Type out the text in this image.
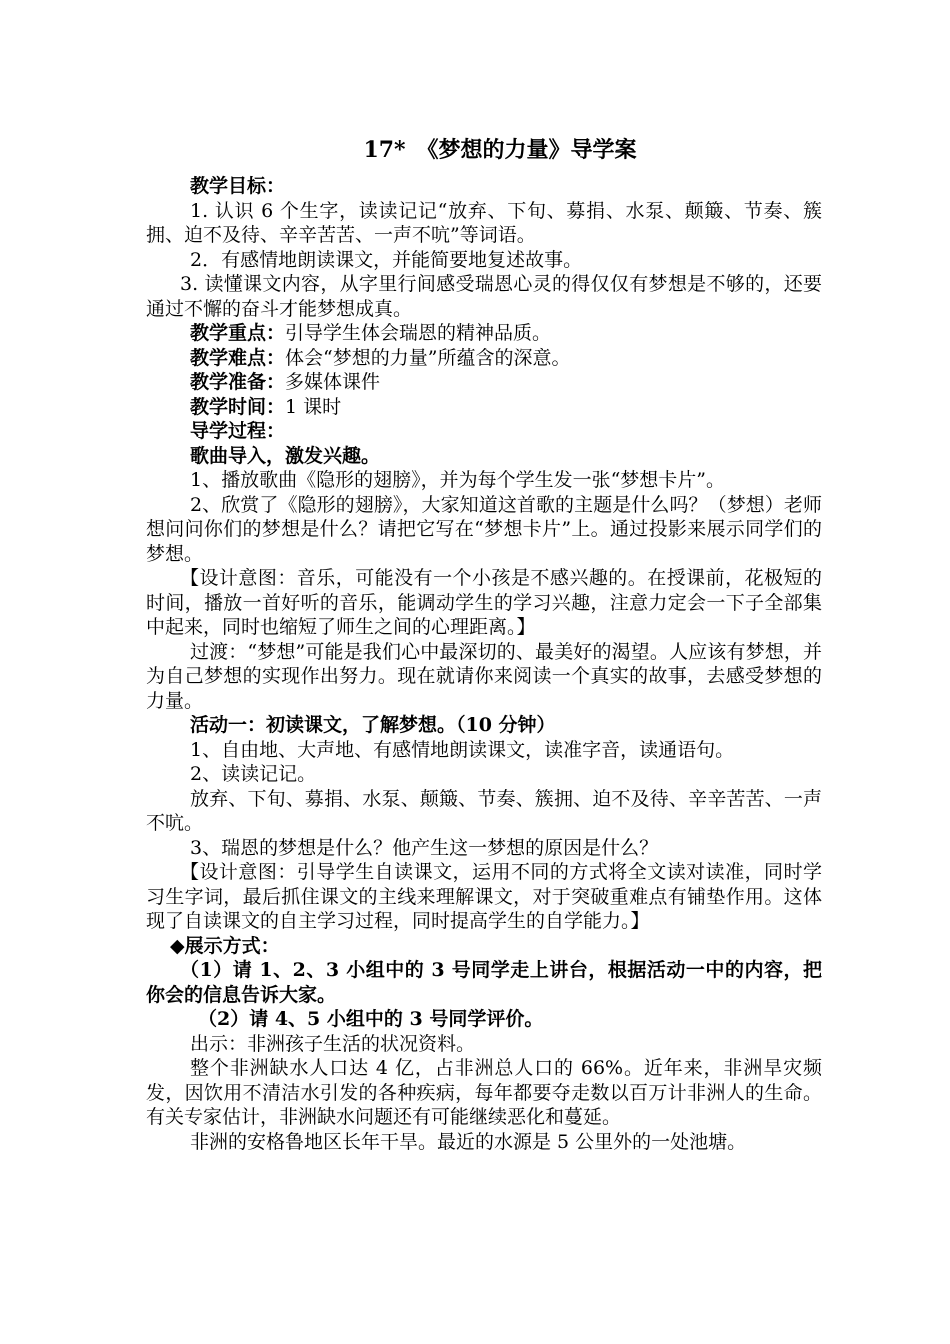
17*　《梦想的力量》导学案

教学目标：

1. 认识 6 个生字，读读记记“放弃、下旬、募捐、水泵、颠簸、节奏、簇拥、迫不及待、辛辛苦苦、一声不吭”等词语。

2．有感情地朗读课文，并能简要地复述故事。

3. 读懂课文内容，从字里行间感受瑞恩心灵的得仅仅有梦想是不够的，还要通过不懈的奋斗才能梦想成真。

教学重点：引导学生体会瑞恩的精神品质。

教学难点：体会“梦想的力量”所蕴含的深意。

教学准备：多媒体课件

教学时间：1 课时

导学过程：

歌曲导入，激发兴趣。

1、播放歌曲《隐形的翅膀》，并为每个学生发一张“梦想卡片”。

2、欣赏了《隐形的翅膀》，大家知道这首歌的主题是什么吗？（梦想）老师想问问你们的梦想是什么？请把它写在“梦想卡片”上。通过投影来展示同学们的梦想。

【设计意图：音乐，可能没有一个小孩是不感兴趣的。在授课前，花极短的时间，播放一首好听的音乐，能调动学生的学习兴趣，注意力定会一下子全部集中起来，同时也缩短了师生之间的心理距离。】

过渡：“梦想”可能是我们心中最深切的、最美好的渴望。人应该有梦想，并为自己梦想的实现作出努力。现在就请你来阅读一个真实的故事，去感受梦想的力量。

活动一：初读课文，了解梦想。（10 分钟）

1、自由地、大声地、有感情地朗读课文，读准字音，读通语句。

2、读读记记。

放弃、下旬、募捐、水泵、颠簸、节奏、簇拥、迫不及待、辛辛苦苦、一声不吭。

3、瑞恩的梦想是什么？他产生这一梦想的原因是什么？

【设计意图：引导学生自读课文，运用不同的方式将全文读对读准，同时学习生字词，最后抓住课文的主线来理解课文，对于突破重难点有铺垫作用。这体现了自读课文的自主学习过程，同时提高学生的自学能力。】

◆展示方式：

（1）请 1、2、3 小组中的 3 号同学走上讲台，根据活动一中的内容，把你会的信息告诉大家。

（2）请 4、5 小组中的 3 号同学评价。

出示：非洲孩子生活的状况资料。

整个非洲缺水人口达 4 亿，占非洲总人口的 66%。近年来，非洲旱灾频发，因饮用不清洁水引发的各种疾病，每年都要夺走数以百万计非洲人的生命。有关专家估计，非洲缺水问题还有可能继续恶化和蔓延。

非洲的安格鲁地区长年干旱。最近的水源是 5 公里外的一处池塘。
